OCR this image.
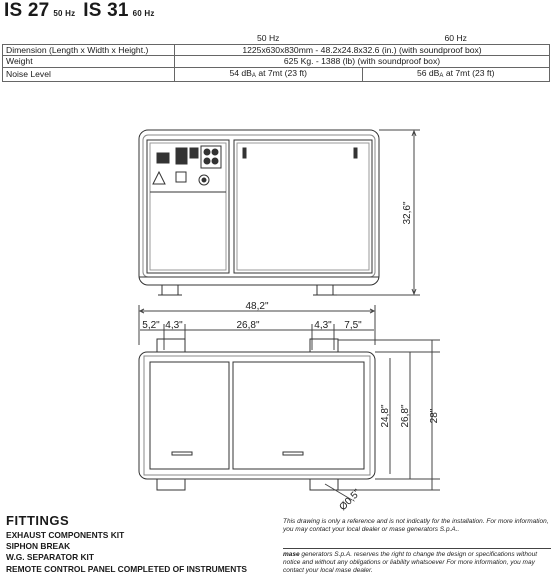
IS 27 50 Hz IS 31 60 Hz
	50 Hz	60 Hz
Dimension (Length x Width x Height.)	1225x630x830mm - 48.2x24.8x32.6 (in.) (with soundproof box)	
Weight	625 Kg. - 1388 (lb) (with soundproof box)	
Noise Level	54 dBA at 7mt (23 ft)	56 dBA at 7mt (23 ft)
32,6"
48,2"
5,2" 4,3"	26,8"	4,3" 7,5"
24,8" 26,8" 28"
Ø0,5"
FITTINGS
EXHAUST COMPONENTS KIT
SIPHON BREAK
W.G. SEPARATOR KIT
REMOTE CONTROL PANEL COMPLETED OF INSTRUMENTS
This drawing is only a reference and is not indicatly for the installation. For more information, you may contact your local dealer or mase generators S.p.A..
mase generators S.p.A. reserves the right to change the design or specifications without notice and without any obligations or liability whatsoever For more information, you may contact your local mase dealer.
